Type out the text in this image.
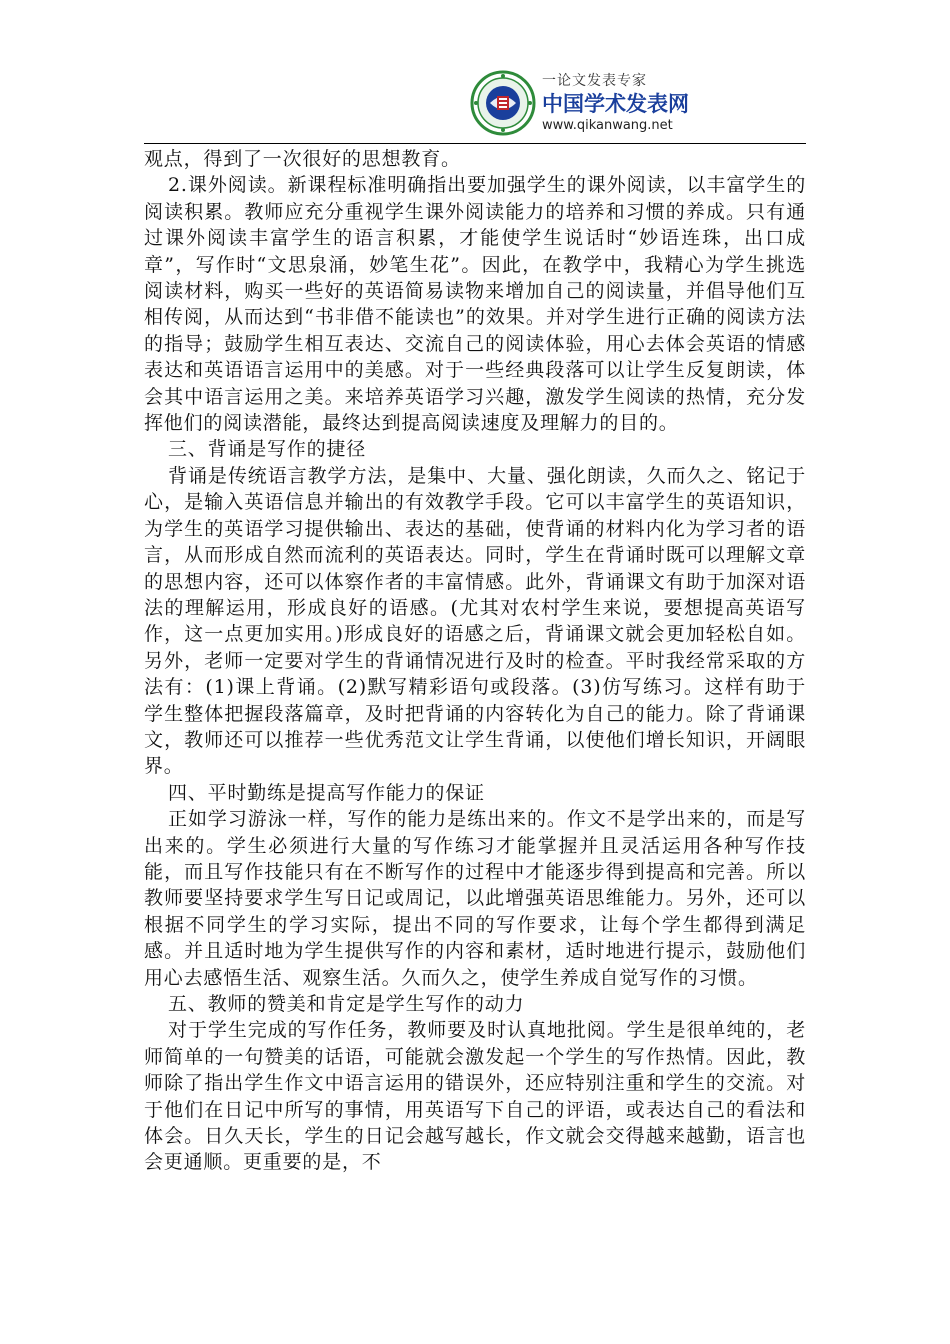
一论文发表专家
中国学术发表网
www.qikanwang.net

观点，得到了一次很好的思想教育。

2.课外阅读。新课程标准明确指出要加强学生的课外阅读，以丰富学生的阅读积累。教师应充分重视学生课外阅读能力的培养和习惯的养成。只有通过课外阅读丰富学生的语言积累，才能使学生说话时“妙语连珠，出口成章”，写作时“文思泉涌，妙笔生花”。因此，在教学中，我精心为学生挑选阅读材料，购买一些好的英语简易读物来增加自己的阅读量，并倡导他们互相传阅，从而达到“书非借不能读也”的效果。并对学生进行正确的阅读方法的指导；鼓励学生相互表达、交流自己的阅读体验，用心去体会英语的情感表达和英语语言运用中的美感。对于一些经典段落可以让学生反复朗读，体会其中语言运用之美。来培养英语学习兴趣，激发学生阅读的热情，充分发挥他们的阅读潜能，最终达到提高阅读速度及理解力的目的。

三、背诵是写作的捷径

背诵是传统语言教学方法，是集中、大量、强化朗读，久而久之、铭记于心，是输入英语信息并输出的有效教学手段。它可以丰富学生的英语知识，为学生的英语学习提供输出、表达的基础，使背诵的材料内化为学习者的语言，从而形成自然而流利的英语表达。同时，学生在背诵时既可以理解文章的思想内容，还可以体察作者的丰富情感。此外，背诵课文有助于加深对语法的理解运用，形成良好的语感。(尤其对农村学生来说，要想提高英语写作，这一点更加实用。)形成良好的语感之后，背诵课文就会更加轻松自如。另外，老师一定要对学生的背诵情况进行及时的检查。平时我经常采取的方法有：(1)课上背诵。(2)默写精彩语句或段落。(3)仿写练习。这样有助于学生整体把握段落篇章，及时把背诵的内容转化为自己的能力。除了背诵课文，教师还可以推荐一些优秀范文让学生背诵，以使他们增长知识，开阔眼界。

四、平时勤练是提高写作能力的保证

正如学习游泳一样，写作的能力是练出来的。作文不是学出来的，而是写出来的。学生必须进行大量的写作练习才能掌握并且灵活运用各种写作技能，而且写作技能只有在不断写作的过程中才能逐步得到提高和完善。所以教师要坚持要求学生写日记或周记，以此增强英语思维能力。另外，还可以根据不同学生的学习实际，提出不同的写作要求，让每个学生都得到满足感。并且适时地为学生提供写作的内容和素材，适时地进行提示，鼓励他们用心去感悟生活、观察生活。久而久之，使学生养成自觉写作的习惯。

五、教师的赞美和肯定是学生写作的动力

对于学生完成的写作任务，教师要及时认真地批阅。学生是很单纯的，老师简单的一句赞美的话语，可能就会激发起一个学生的写作热情。因此，教师除了指出学生作文中语言运用的错误外，还应特别注重和学生的交流。对于他们在日记中所写的事情，用英语写下自己的评语，或表达自己的看法和体会。日久天长，学生的日记会越写越长，作文就会交得越来越勤，语言也会更通顺。更重要的是，不
